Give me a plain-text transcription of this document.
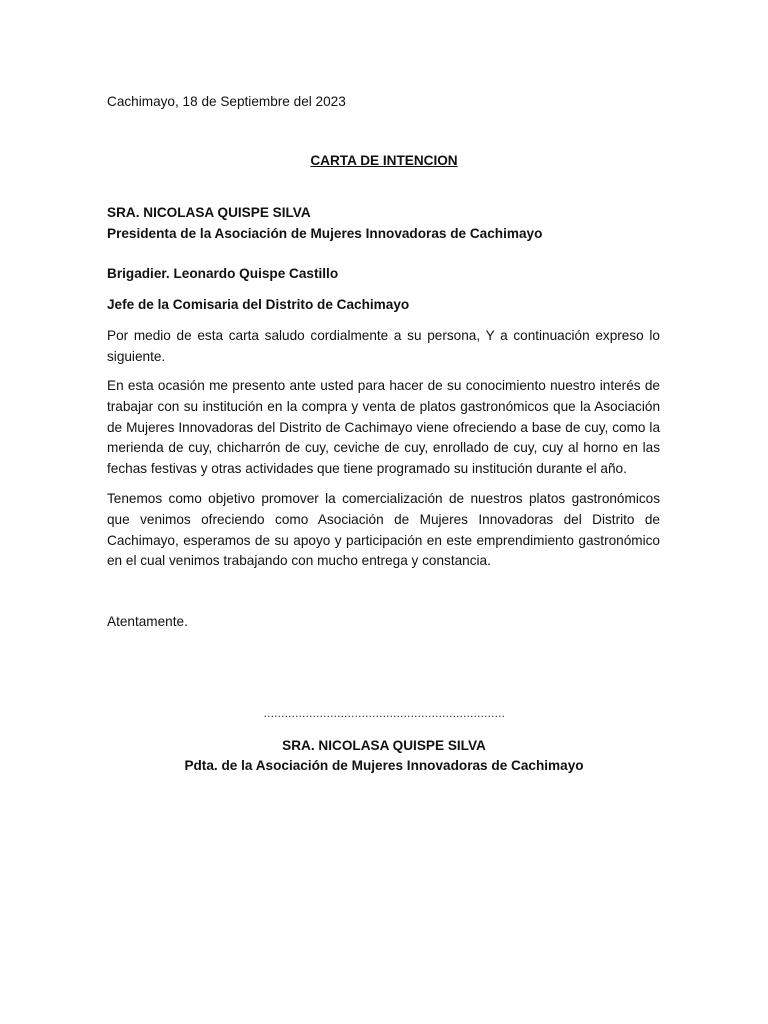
Cachimayo, 18 de Septiembre del 2023
CARTA DE INTENCION
SRA. NICOLASA QUISPE SILVA
Presidenta de la Asociación de Mujeres Innovadoras de Cachimayo
Brigadier. Leonardo Quispe Castillo
Jefe de la Comisaria del Distrito de Cachimayo
Por medio de esta carta saludo cordialmente a su persona, Y a continuación expreso lo siguiente.
En esta ocasión me presento ante usted para hacer de su conocimiento nuestro interés de trabajar con su institución en la compra y venta de platos gastronómicos que la Asociación de Mujeres Innovadoras del Distrito de Cachimayo viene ofreciendo a base de cuy, como la merienda de cuy, chicharrón de cuy, ceviche de cuy, enrollado de cuy, cuy al horno en las fechas festivas y otras actividades que tiene programado su institución durante el año.
Tenemos como objetivo promover la comercialización de nuestros platos gastronómicos que venimos ofreciendo como Asociación de Mujeres Innovadoras del Distrito de Cachimayo, esperamos de su apoyo y participación en este emprendimiento gastronómico en el cual venimos trabajando con mucho entrega y constancia.
Atentamente.
……………………………………………………………
SRA. NICOLASA QUISPE SILVA
Pdta. de la Asociación de Mujeres Innovadoras de Cachimayo
